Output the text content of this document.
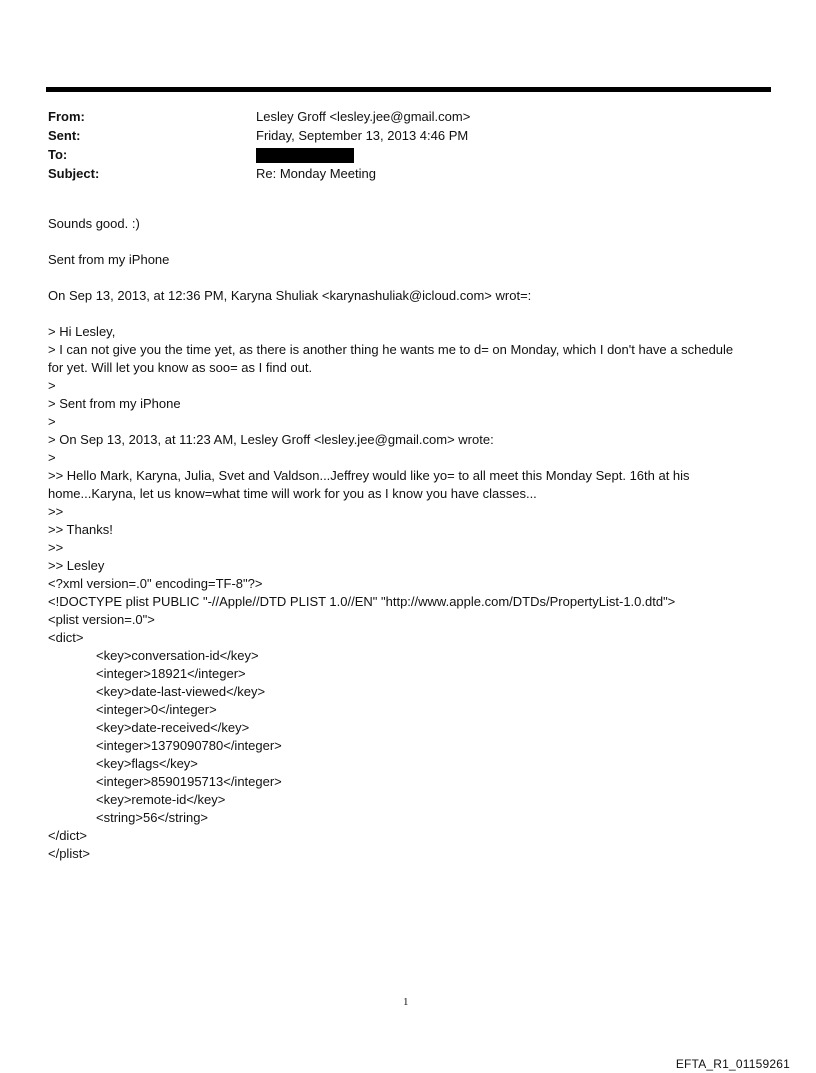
From:	Lesley Groff <lesley.jee@gmail.com>
Sent:	Friday, September 13, 2013 4:46 PM
To:
Subject:	Re: Monday Meeting
Sounds good. :)
Sent from my iPhone
On Sep 13, 2013, at 12:36 PM, Karyna Shuliak <karynashuliak@icloud.com> wrot=:
> Hi Lesley,
> I can not give you the time yet, as there is another thing he wants me to d= on Monday, which I don't have a schedule
for yet. Will let you know as soo= as I find out.
>
> Sent from my iPhone
>
> On Sep 13, 2013, at 11:23 AM, Lesley Groff <lesley.jee@gmail.com> wrote:
>
>> Hello Mark, Karyna, Julia, Svet and Valdson...Jeffrey would like yo= to all meet this Monday Sept. 16th at his
home...Karyna, let us know=what time will work for you as I know you have classes...
>>
>> Thanks!
>>
>> Lesley
<?xml version=.0" encoding=TF-8"?>
<!DOCTYPE plist PUBLIC "-//Apple//DTD PLIST 1.0//EN" "http://www.apple.com/DTDs/PropertyList-1.0.dtd">
<plist version=.0">
<dict>
<key>conversation-id</key>
<integer>18921</integer>
<key>date-last-viewed</key>
<integer>0</integer>
<key>date-received</key>
<integer>1379090780</integer>
<key>flags</key>
<integer>8590195713</integer>
<key>remote-id</key>
<string>56</string>
</dict>
</plist>
1
EFTA_R1_01159261
